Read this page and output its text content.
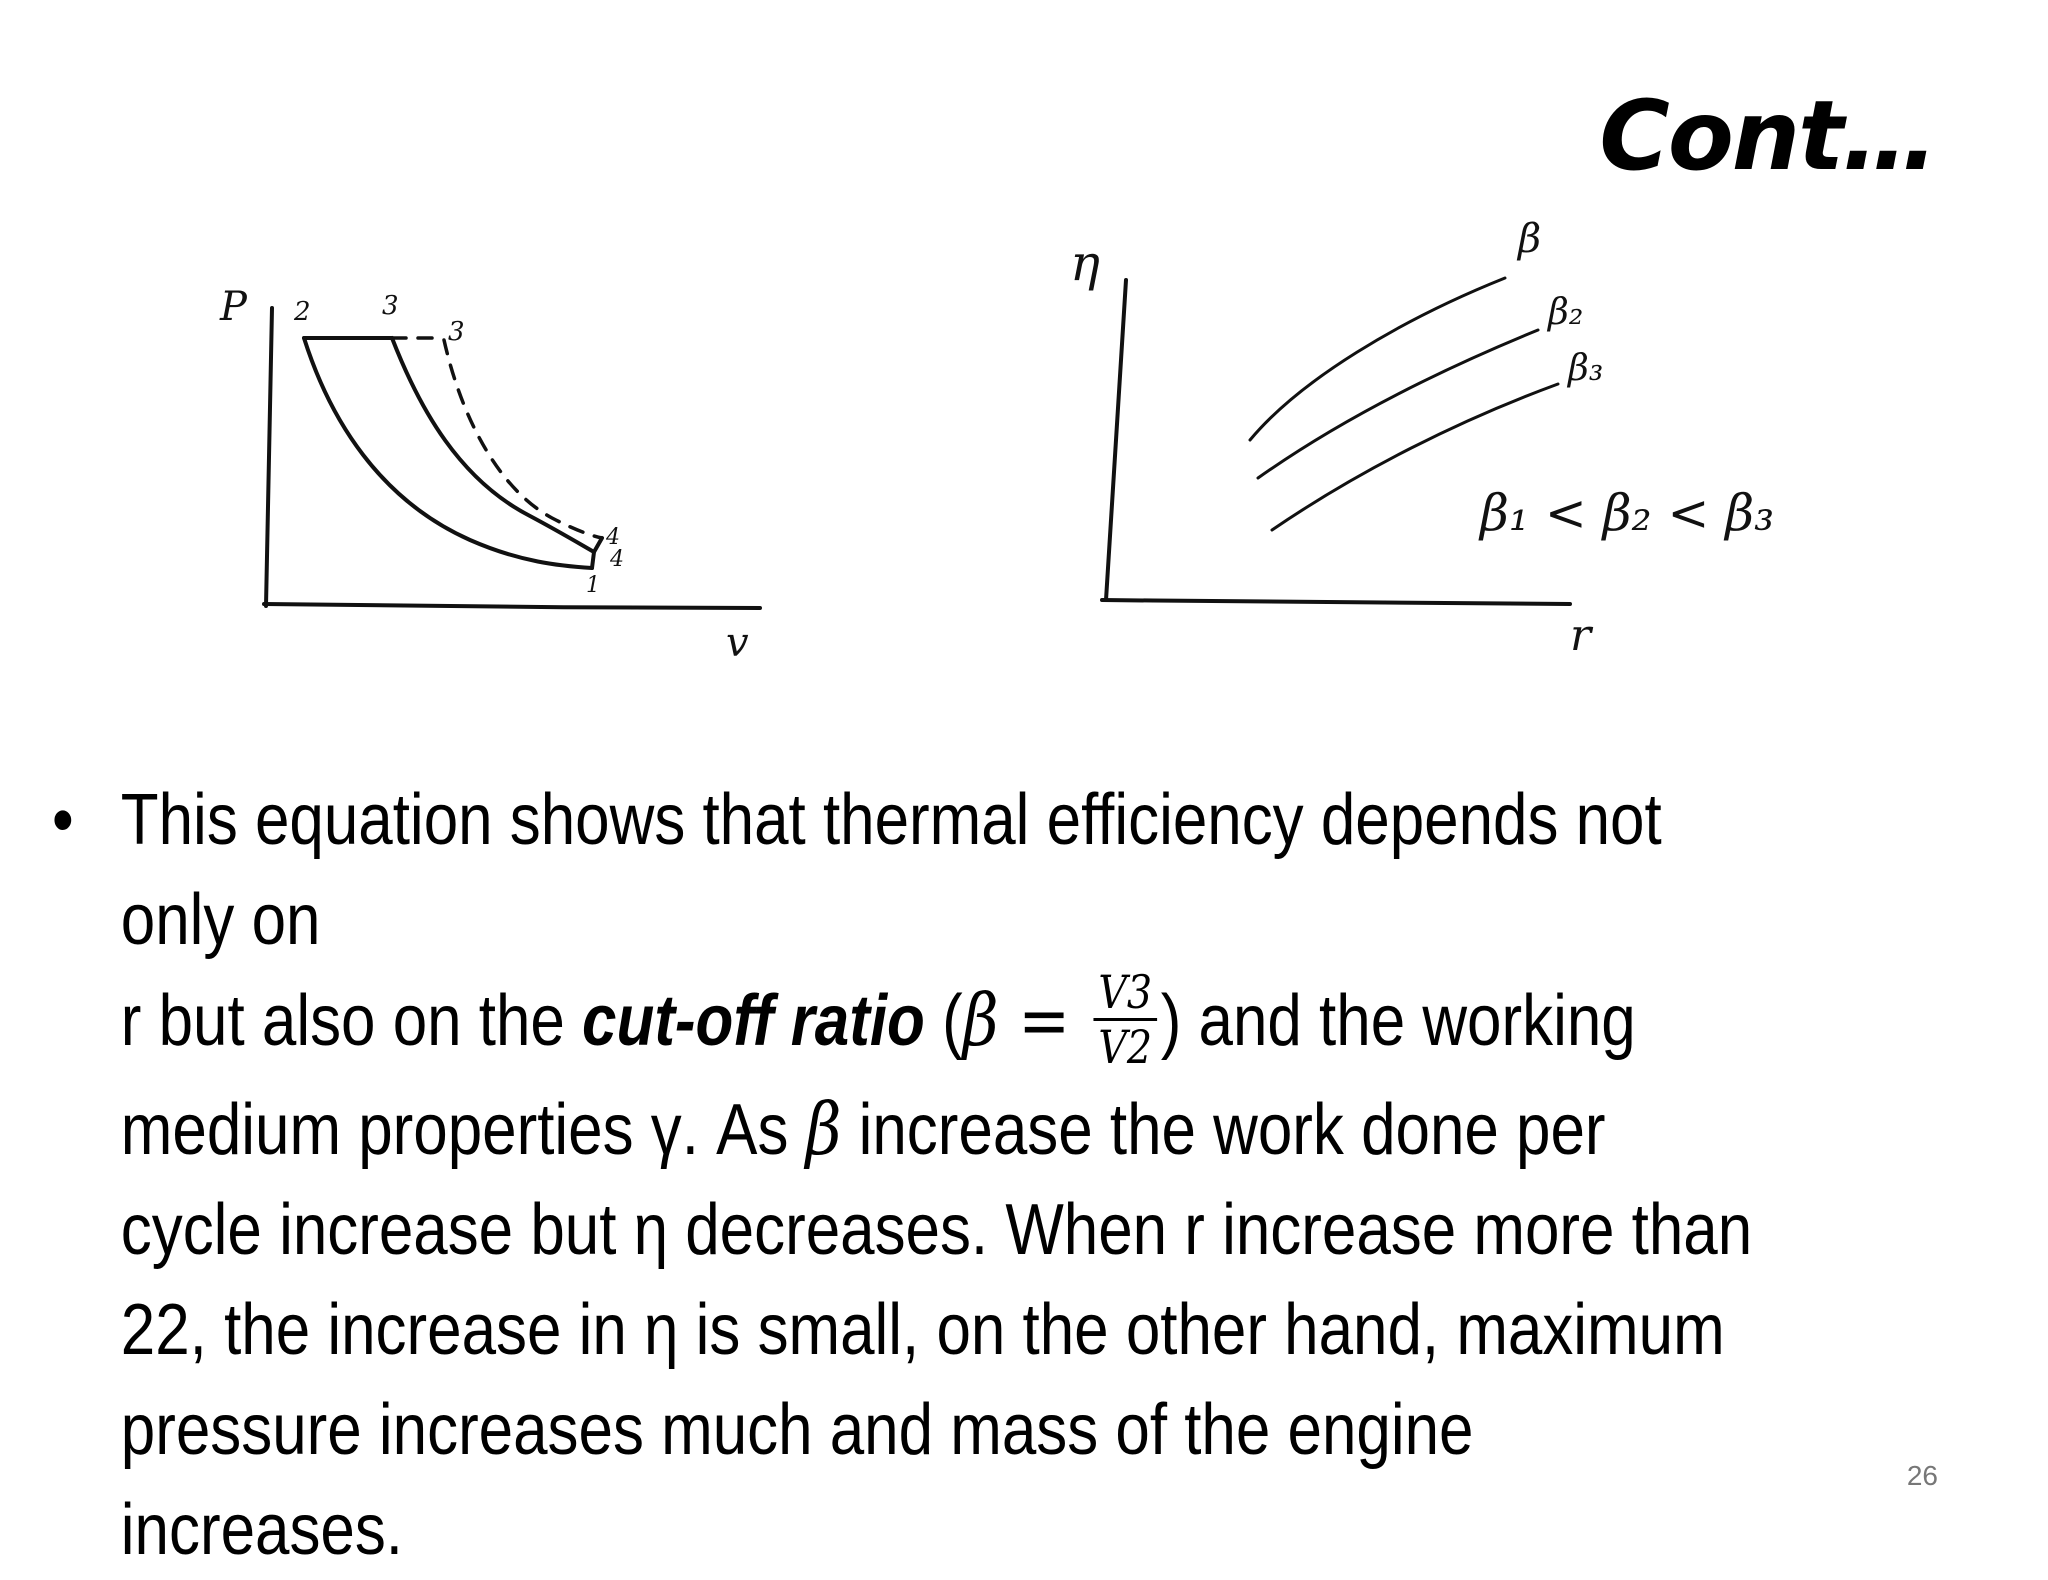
Cont…
P
v
2	3
3
4
4
1
η
r
β
β₂
β₃
β₁ < β₂ < β₃
• This equation shows that thermal efficiency depends not only on
r but also on the cut-off ratio ($\beta = \frac{V3}{V2}$ ) and the working medium properties γ. As β increase the work done per cycle increase but η decreases. When r increase more than 22, the increase in η is small, on the other hand, maximum pressure increases much and mass of the engine increases.
26
